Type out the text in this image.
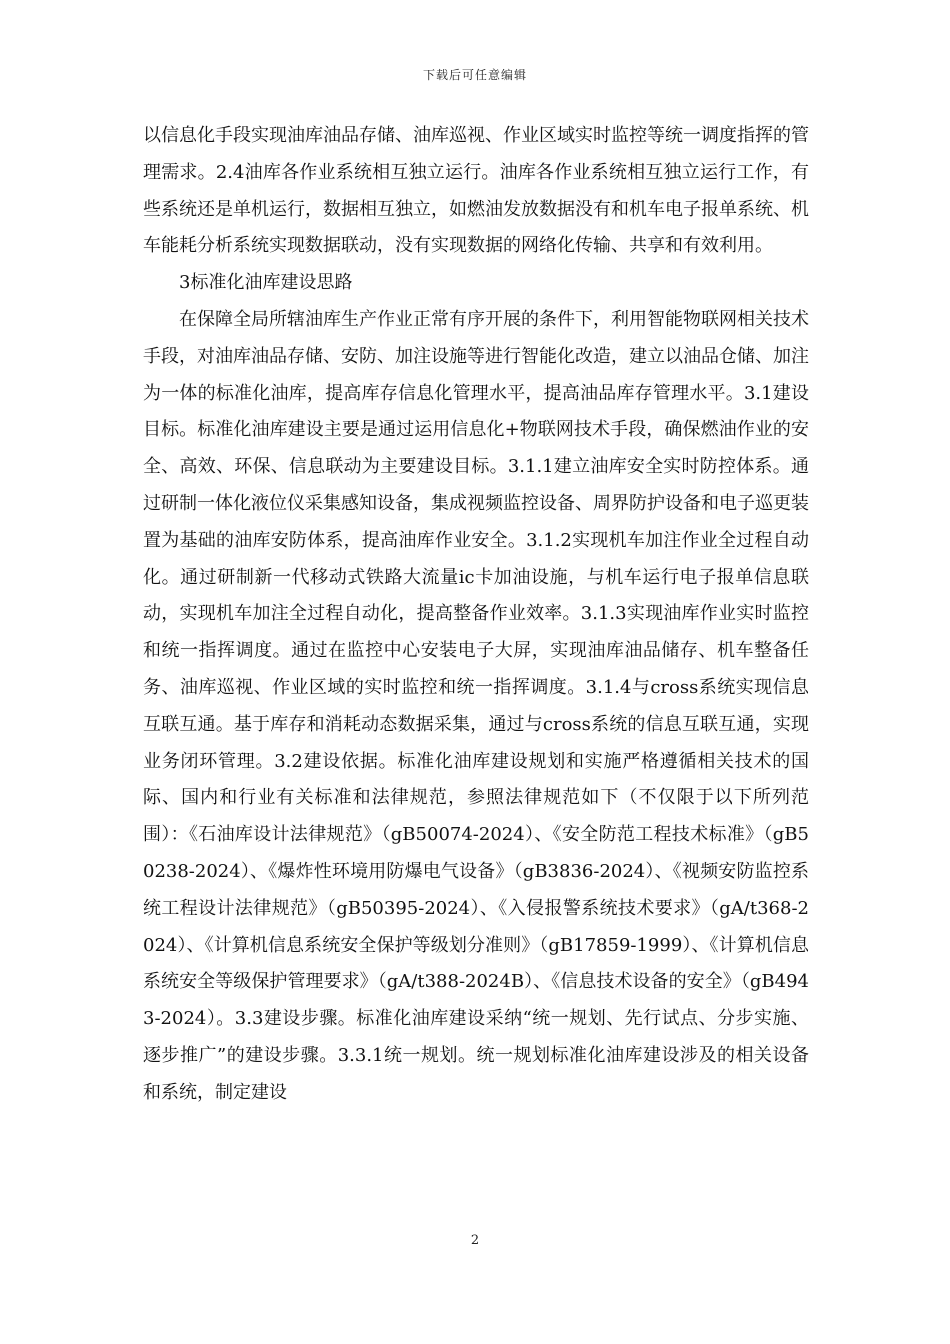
下载后可任意编辑

以信息化手段实现油库油品存储、油库巡视、作业区域实时监控等统一调度指挥的管理需求。2.4油库各作业系统相互独立运行。油库各作业系统相互独立运行工作，有些系统还是单机运行，数据相互独立，如燃油发放数据没有和机车电子报单系统、机车能耗分析系统实现数据联动，没有实现数据的网络化传输、共享和有效利用。

3标准化油库建设思路

在保障全局所辖油库生产作业正常有序开展的条件下，利用智能物联网相关技术手段，对油库油品存储、安防、加注设施等进行智能化改造，建立以油品仓储、加注为一体的标准化油库，提高库存信息化管理水平，提高油品库存管理水平。3.1建设目标。标准化油库建设主要是通过运用信息化+物联网技术手段，确保燃油作业的安全、高效、环保、信息联动为主要建设目标。3.1.1建立油库安全实时防控体系。通过研制一体化液位仪采集感知设备，集成视频监控设备、周界防护设备和电子巡更装置为基础的油库安防体系，提高油库作业安全。3.1.2实现机车加注作业全过程自动化。通过研制新一代移动式铁路大流量ic卡加油设施，与机车运行电子报单信息联动，实现机车加注全过程自动化，提高整备作业效率。3.1.3实现油库作业实时监控和统一指挥调度。通过在监控中心安装电子大屏，实现油库油品储存、机车整备任务、油库巡视、作业区域的实时监控和统一指挥调度。3.1.4与cross系统实现信息互联互通。基于库存和消耗动态数据采集，通过与cross系统的信息互联互通，实现业务闭环管理。3.2建设依据。标准化油库建设规划和实施严格遵循相关技术的国际、国内和行业有关标准和法律规范，参照法律规范如下（不仅限于以下所列范围）：《石油库设计法律规范》（gB50074-2024）、《安全防范工程技术标准》（gB50238-2024）、《爆炸性环境用防爆电气设备》（gB3836-2024）、《视频安防监控系统工程设计法律规范》（gB50395-2024）、《入侵报警系统技术要求》（gA/t368-2024）、《计算机信息系统安全保护等级划分准则》（gB17859-1999）、《计算机信息系统安全等级保护管理要求》（gA/t388-2024B）、《信息技术设备的安全》（gB4943-2024）。3.3建设步骤。标准化油库建设采纳“统一规划、先行试点、分步实施、逐步推广”的建设步骤。3.3.1统一规划。统一规划标准化油库建设涉及的相关设备和系统，制定建设

2
